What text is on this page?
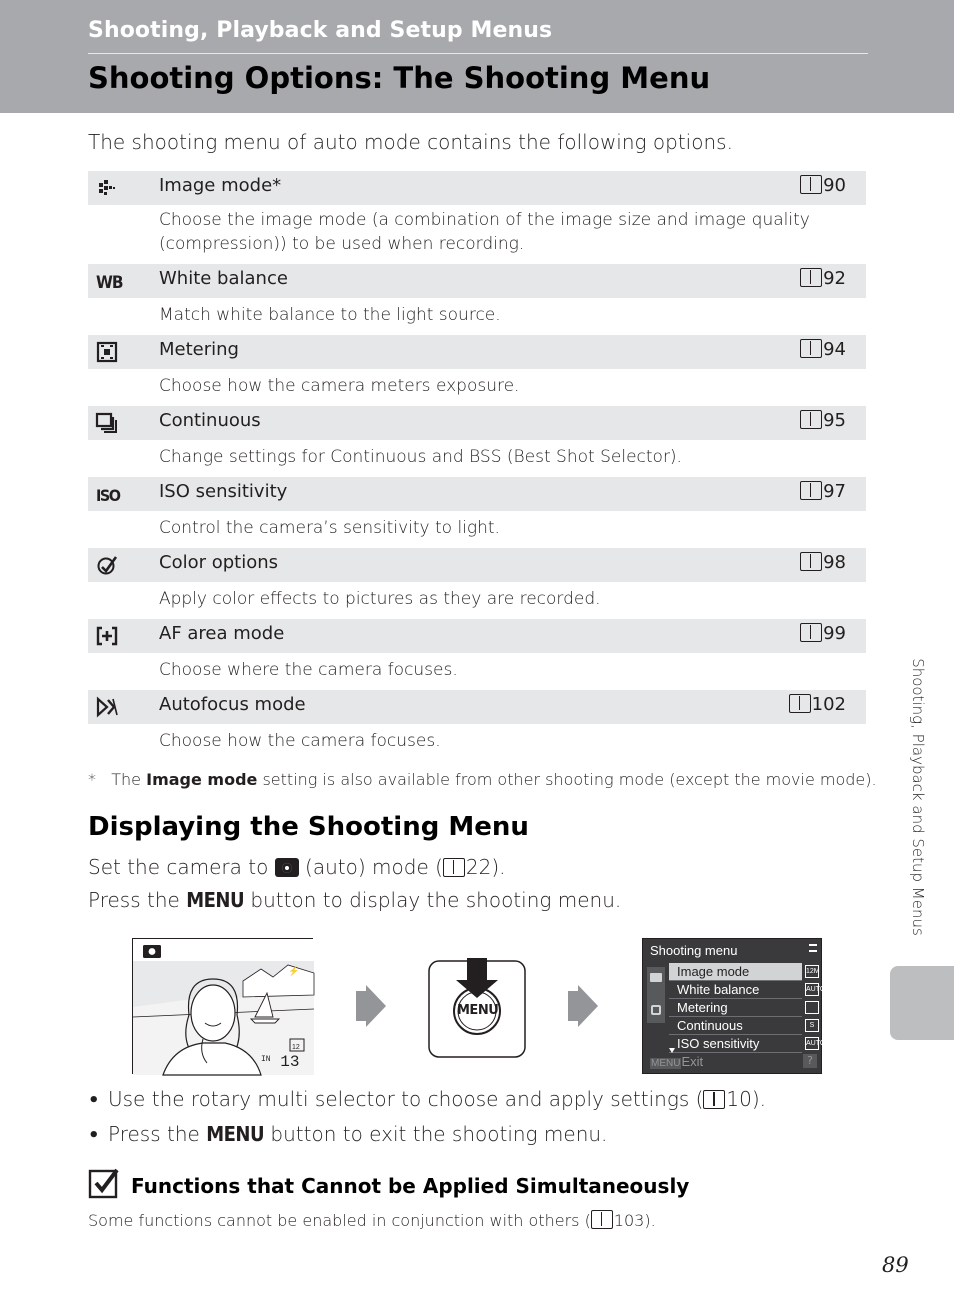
Shooting, Playback and Setup Menus
Shooting Options: The Shooting Menu
The shooting menu of auto mode contains the following options.
Image mode*	90
Choose the image mode (a combination of the image size and image quality (compression)) to be used when recording.
WB White balance	92
Match white balance to the light source.
Metering	94
Choose how the camera meters exposure.
Continuous	95
Change settings for Continuous and BSS (Best Shot Selector).
ISO ISO sensitivity	97
Control the camera’s sensitivity to light.
Color options	98
Apply color effects to pictures as they are recorded.
AF area mode	99
Choose where the camera focuses.
Autofocus mode	102
Choose how the camera focuses.
* The Image mode setting is also available from other shooting mode (except the movie mode).
Displaying the Shooting Menu
Set the camera to  (auto) mode ( 22).
Press the MENU button to display the shooting menu.
⚡
12
$^{IN}$ 13
MENU
Shooting menu
Image mode	12M
White balance	AUTO
Metering
Continuous	S
ISO sensitivity	AUTO
MENUExit	?
• Use the rotary multi selector to choose and apply settings ( 10).
• Press the MENU button to exit the shooting menu.
Functions that Cannot be Applied Simultaneously
Some functions cannot be enabled in conjunction with others ( 103).
Shooting, Playback and Setup Menus
89
